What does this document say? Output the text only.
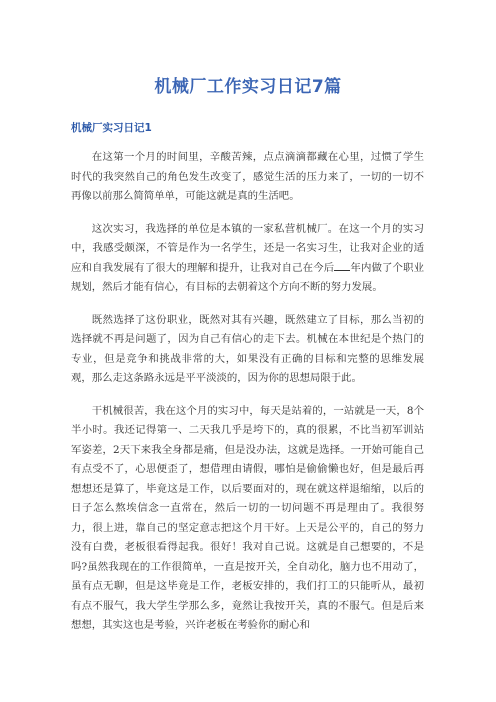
机械厂工作实习日记7篇
机械厂实习日记1

在这第一个月的时间里，辛酸苦辣，点点滴滴都藏在心里，过惯了学生时代的我突然自己的角色发生改变了，感觉生活的压力来了，一切的一切不再像以前那么简简单单，可能这就是真的生活吧。

这次实习，我选择的单位是本镇的一家私营机械厂。在这一个月的实习中，我感受颇深，不管是作为一名学生，还是一名实习生，让我对企业的适应和自我发展有了很大的理解和提升，让我对自己在今后 年内做了个职业规划，然后才能有信心，有目标的去朝着这个方向不断的努力发展。

既然选择了这份职业，既然对其有兴趣，既然建立了目标，那么当初的选择就不再是问题了，因为自己有信心的走下去。机械在本世纪是个热门的专业，但是竞争和挑战非常的大，如果没有正确的目标和完整的思维发展观，那么走这条路永远是平平淡淡的，因为你的思想局限于此。

干机械很苦，我在这个月的实习中，每天是站着的，一站就是一天，8个半小时。我还记得第一、二天我几乎是垮下的，真的很累，不比当初军训站军姿差，2天下来我全身都是痛，但是没办法，这就是选择。一开始可能自己有点受不了，心思便歪了，想借理由请假，哪怕是偷偷懒也好，但是最后再想想还是算了，毕竟这是工作，以后要面对的，现在就这样退缩缩，以后的日子怎么熬埃信念一直常在，然后一切的一切问题不再是理由了。我很努力，很上进，靠自己的坚定意志把这个月干好。上天是公平的，自己的努力没有白费，老板很看得起我。很好！我对自己说。这就是自己想要的，不是吗?虽然我现在的工作很简单，一直是按开关，全自动化，脑力也不用动了，虽有点无聊，但是这毕竟是工作，老板安排的，我们打工的只能听从，最初有点不服气，我大学生学那么多，竟然让我按开关，真的不服气。但是后来想想，其实这也是考验，兴许老板在考验你的耐心和
